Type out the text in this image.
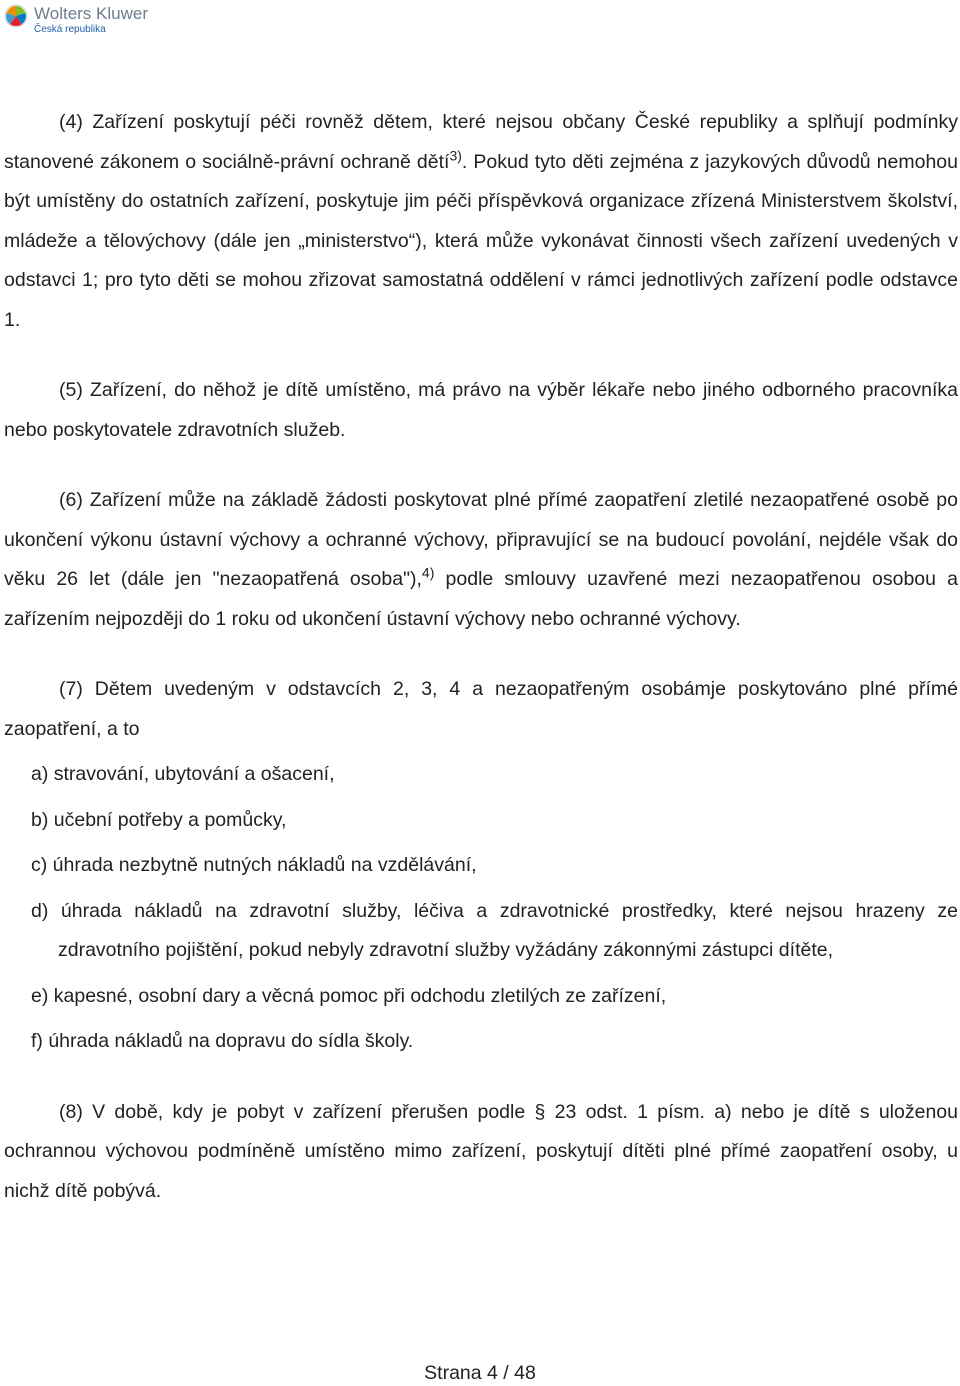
Wolters Kluwer
Česká republika

(4) Zařízení poskytují péči rovněž dětem, které nejsou občany České republiky a splňují podmínky stanovené zákonem o sociálně-právní ochraně dětí$^{3)}$. Pokud tyto děti zejména z jazykových důvodů nemohou být umístěny do ostatních zařízení, poskytuje jim péči příspěvková organizace zřízená Ministerstvem školství, mládeže a tělovýchovy (dále jen „ministerstvo“), která může vykonávat činnosti všech zařízení uvedených v odstavci 1; pro tyto děti se mohou zřizovat samostatná oddělení v rámci jednotlivých zařízení podle odstavce 1.

(5) Zařízení, do něhož je dítě umístěno, má právo na výběr lékaře nebo jiného odborného pracovníka nebo poskytovatele zdravotních služeb.

(6) Zařízení může na základě žádosti poskytovat plné přímé zaopatření zletilé nezaopatřené osobě po ukončení výkonu ústavní výchovy a ochranné výchovy, připravující se na budoucí povolání, nejdéle však do věku 26 let (dále jen "nezaopatřená osoba"),$^{4)}$ podle smlouvy uzavřené mezi nezaopatřenou osobou a zařízením nejpozději do 1 roku od ukončení ústavní výchovy nebo ochranné výchovy.

(7) Dětem uvedeným v odstavcích 2, 3, 4 a nezaopatřeným osobámje poskytováno plné přímé zaopatření, a to

a) stravování, ubytování a ošacení,
b) učební potřeby a pomůcky,
c) úhrada nezbytně nutných nákladů na vzdělávání,
d) úhrada nákladů na zdravotní služby, léčiva a zdravotnické prostředky, které nejsou hrazeny ze zdravotního pojištění, pokud nebyly zdravotní služby vyžádány zákonnými zástupci dítěte,
e) kapesné, osobní dary a věcná pomoc při odchodu zletilých ze zařízení,
f) úhrada nákladů na dopravu do sídla školy.

(8) V době, kdy je pobyt v zařízení přerušen podle § 23 odst. 1 písm. a) nebo je dítě s uloženou ochrannou výchovou podmíněně umístěno mimo zařízení, poskytují dítěti plné přímé zaopatření osoby, u nichž dítě pobývá.

Strana 4 / 48
